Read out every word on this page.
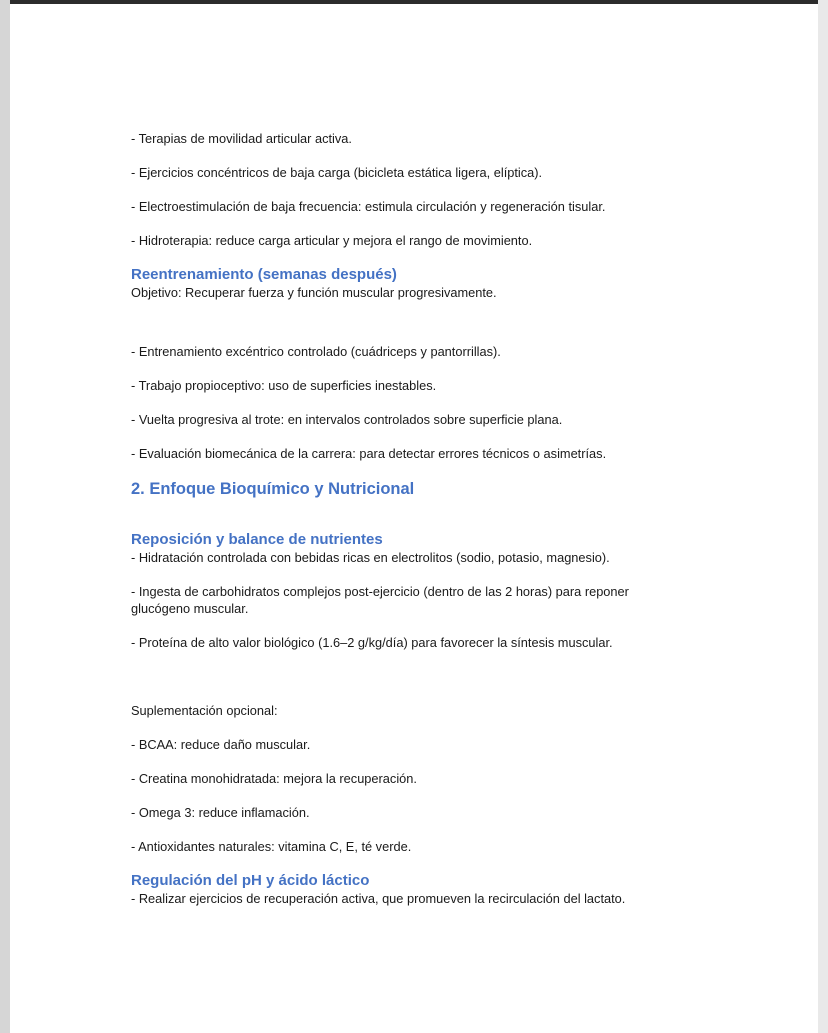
- Terapias de movilidad articular activa.

- Ejercicios concéntricos de baja carga (bicicleta estática ligera, elíptica).

- Electroestimulación de baja frecuencia: estimula circulación y regeneración tisular.

- Hidroterapia: reduce carga articular y mejora el rango de movimiento.

Reentrenamiento (semanas después)

Objetivo: Recuperar fuerza y función muscular progresivamente.

- Entrenamiento excéntrico controlado (cuádriceps y pantorrillas).

- Trabajo propioceptivo: uso de superficies inestables.

- Vuelta progresiva al trote: en intervalos controlados sobre superficie plana.

- Evaluación biomecánica de la carrera: para detectar errores técnicos o asimetrías.

2. Enfoque Bioquímico y Nutricional
Reposición y balance de nutrientes

- Hidratación controlada con bebidas ricas en electrolitos (sodio, potasio, magnesio).

- Ingesta de carbohidratos complejos post-ejercicio (dentro de las 2 horas) para reponer glucógeno muscular.

- Proteína de alto valor biológico (1.6–2 g/kg/día) para favorecer la síntesis muscular.

Suplementación opcional:

- BCAA: reduce daño muscular.

- Creatina monohidratada: mejora la recuperación.

- Omega 3: reduce inflamación.

- Antioxidantes naturales: vitamina C, E, té verde.

Regulación del pH y ácido láctico

- Realizar ejercicios de recuperación activa, que promueven la recirculación del lactato.
